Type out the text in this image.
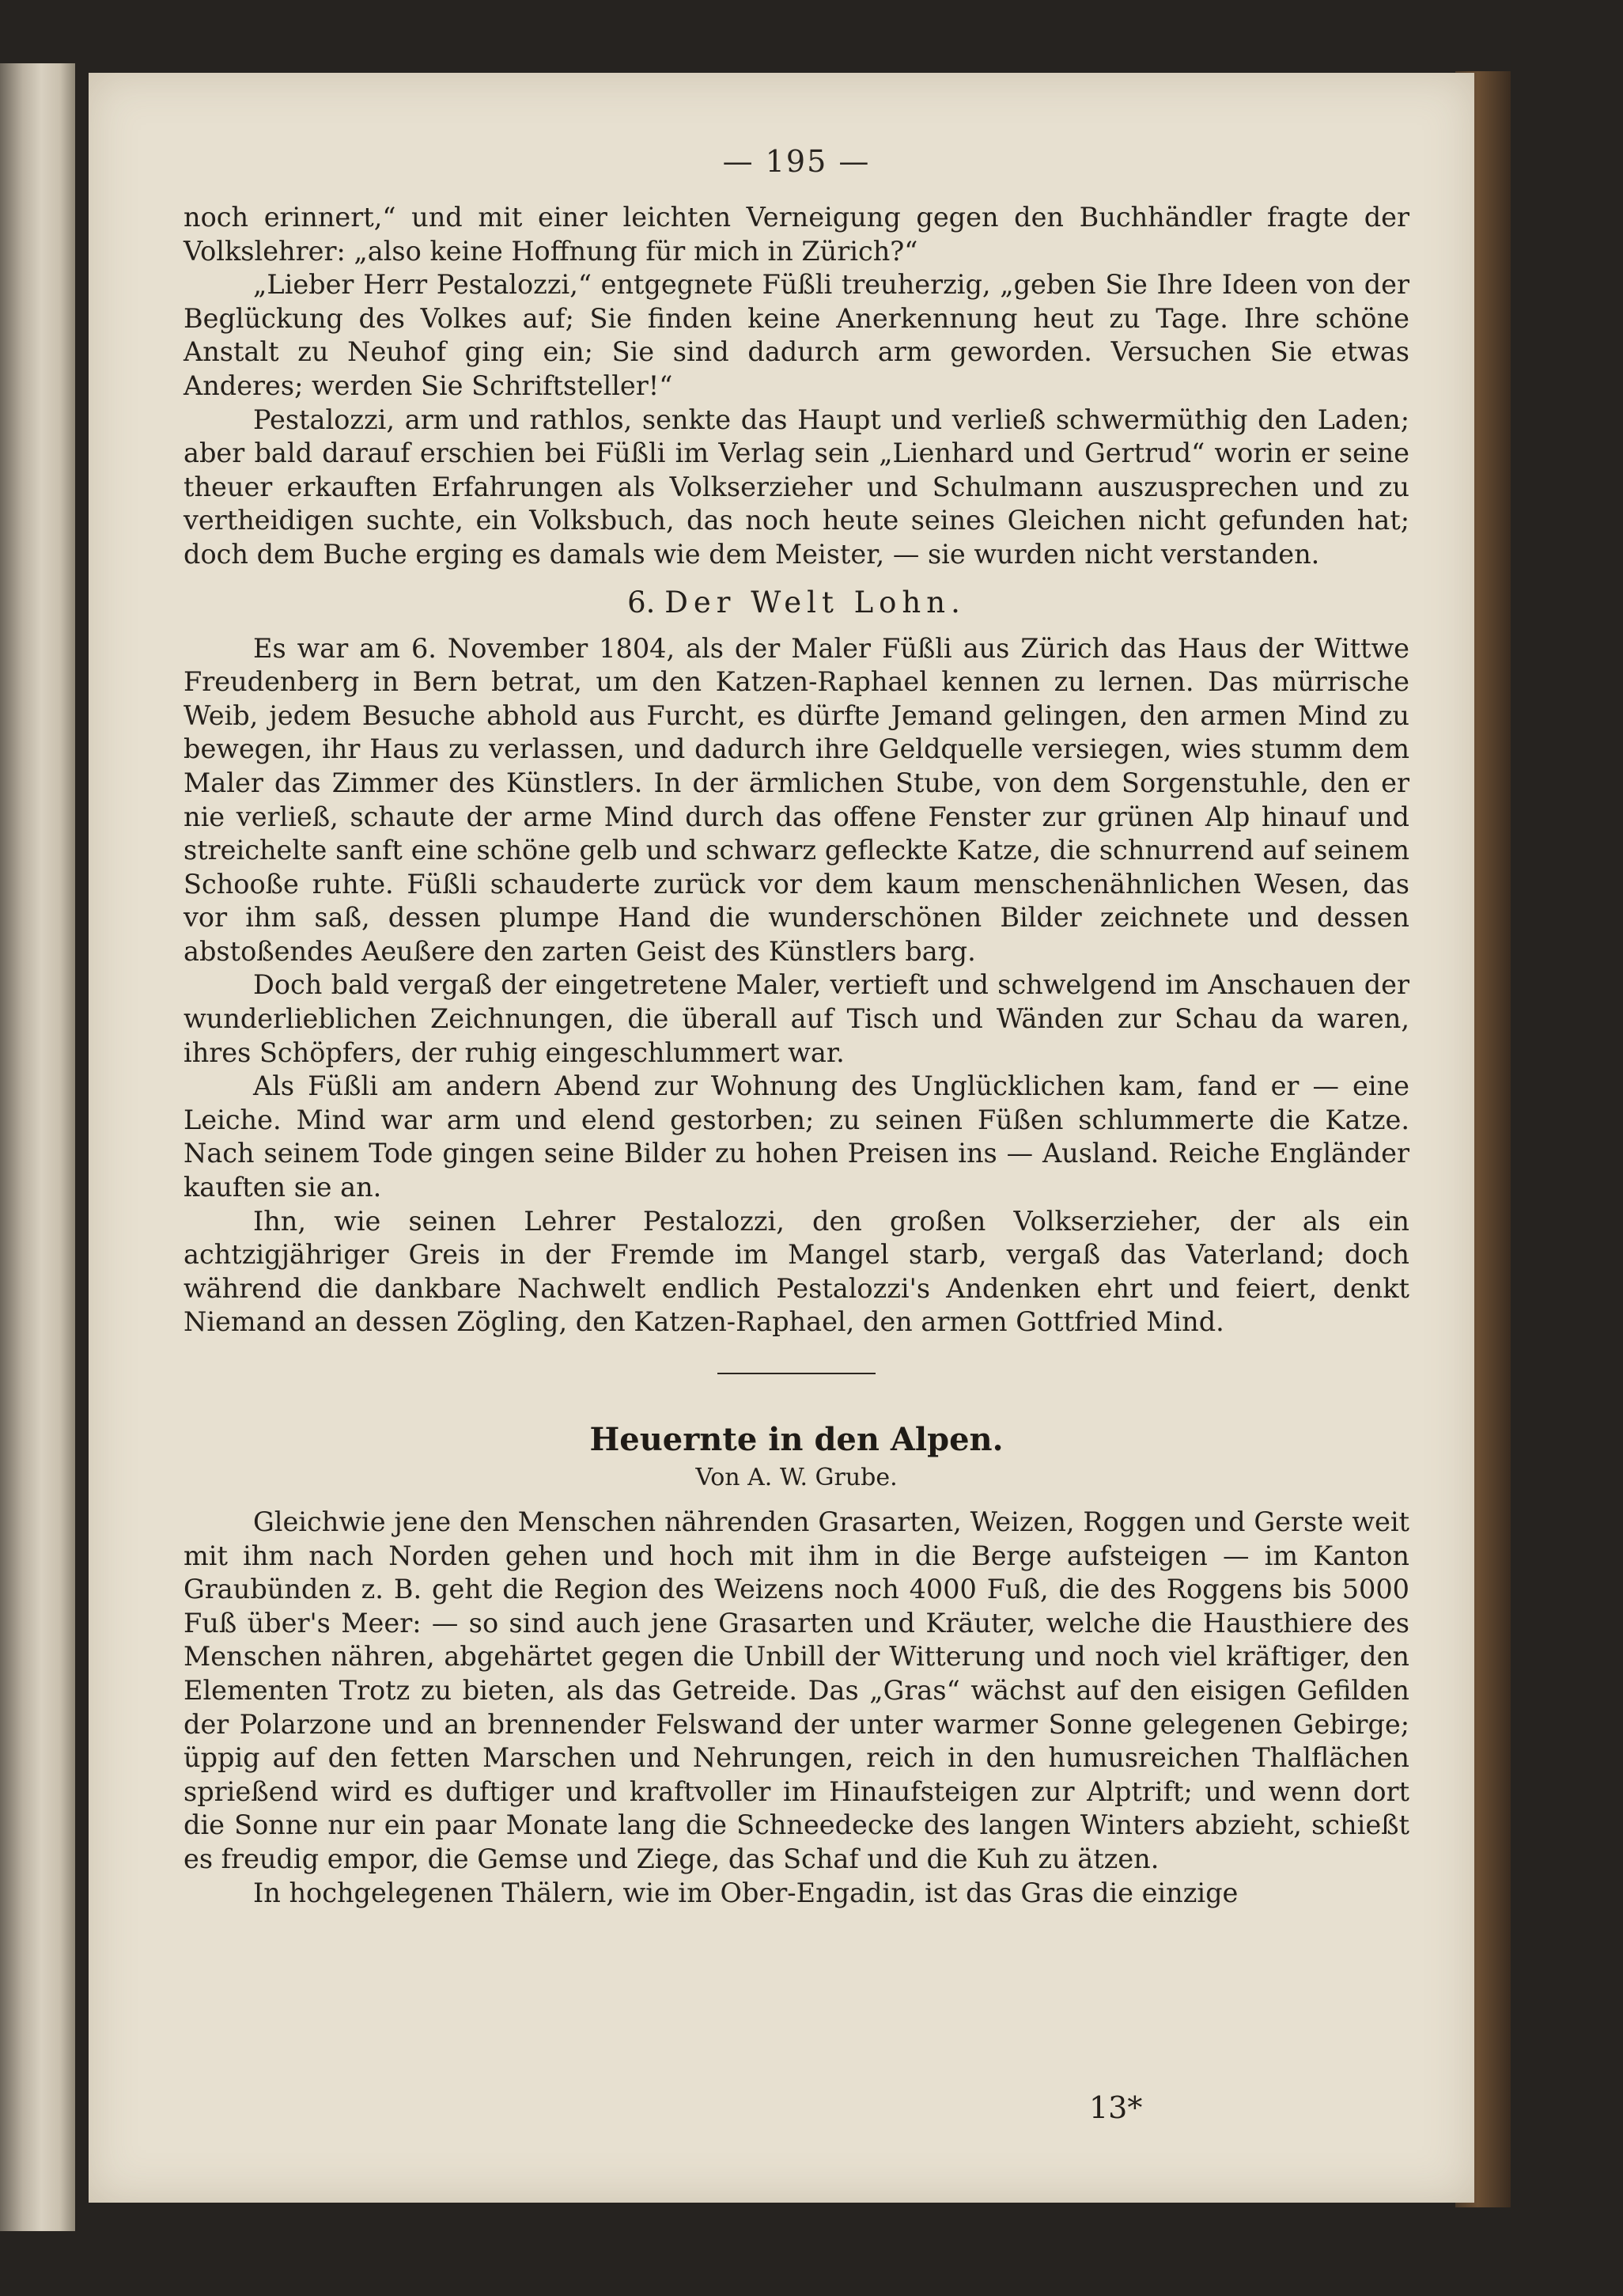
— 195 —

noch erinnert,“ und mit einer leichten Verneigung gegen den Buchhändler fragte der Volkslehrer: „also keine Hoffnung für mich in Zürich?“

„Lieber Herr Pestalozzi,“ entgegnete Füßli treuherzig, „geben Sie Ihre Ideen von der Beglückung des Volkes auf; Sie finden keine Anerkennung heut zu Tage. Ihre schöne Anstalt zu Neuhof ging ein; Sie sind dadurch arm geworden. Versuchen Sie etwas Anderes; werden Sie Schriftsteller!“

Pestalozzi, arm und rathlos, senkte das Haupt und verließ schwermüthig den Laden; aber bald darauf erschien bei Füßli im Verlag sein „Lienhard und Gertrud“ worin er seine theuer erkauften Erfahrungen als Volkserzieher und Schulmann auszusprechen und zu vertheidigen suchte, ein Volksbuch, das noch heute seines Gleichen nicht gefunden hat; doch dem Buche erging es damals wie dem Meister, — sie wurden nicht verstanden.

6. Der Welt Lohn.

Es war am 6. November 1804, als der Maler Füßli aus Zürich das Haus der Wittwe Freudenberg in Bern betrat, um den Katzen-Raphael kennen zu lernen. Das mürrische Weib, jedem Besuche abhold aus Furcht, es dürfte Jemand gelingen, den armen Mind zu bewegen, ihr Haus zu verlassen, und dadurch ihre Geldquelle versiegen, wies stumm dem Maler das Zimmer des Künstlers. In der ärmlichen Stube, von dem Sorgenstuhle, den er nie verließ, schaute der arme Mind durch das offene Fenster zur grünen Alp hinauf und streichelte sanft eine schöne gelb und schwarz gefleckte Katze, die schnurrend auf seinem Schooße ruhte. Füßli schauderte zurück vor dem kaum menschenähnlichen Wesen, das vor ihm saß, dessen plumpe Hand die wunderschönen Bilder zeichnete und dessen abstoßendes Aeußere den zarten Geist des Künstlers barg.

Doch bald vergaß der eingetretene Maler, vertieft und schwelgend im Anschauen der wunderlieblichen Zeichnungen, die überall auf Tisch und Wänden zur Schau da waren, ihres Schöpfers, der ruhig eingeschlummert war.

Als Füßli am andern Abend zur Wohnung des Unglücklichen kam, fand er — eine Leiche. Mind war arm und elend gestorben; zu seinen Füßen schlummerte die Katze. Nach seinem Tode gingen seine Bilder zu hohen Preisen ins — Ausland. Reiche Engländer kauften sie an.

Ihn, wie seinen Lehrer Pestalozzi, den großen Volkserzieher, der als ein achtzigjähriger Greis in der Fremde im Mangel starb, vergaß das Vaterland; doch während die dankbare Nachwelt endlich Pestalozzi's Andenken ehrt und feiert, denkt Niemand an dessen Zögling, den Katzen-Raphael, den armen Gottfried Mind.

Heuernte in den Alpen.
Von A. W. Grube.

Gleichwie jene den Menschen nährenden Grasarten, Weizen, Roggen und Gerste weit mit ihm nach Norden gehen und hoch mit ihm in die Berge aufsteigen — im Kanton Graubünden z. B. geht die Region des Weizens noch 4000 Fuß, die des Roggens bis 5000 Fuß über's Meer: — so sind auch jene Grasarten und Kräuter, welche die Hausthiere des Menschen nähren, abgehärtet gegen die Unbill der Witterung und noch viel kräftiger, den Elementen Trotz zu bieten, als das Getreide. Das „Gras“ wächst auf den eisigen Gefilden der Polarzone und an brennender Felswand der unter warmer Sonne gelegenen Gebirge; üppig auf den fetten Marschen und Nehrungen, reich in den humusreichen Thalflächen sprießend wird es duftiger und kraftvoller im Hinaufsteigen zur Alptrift; und wenn dort die Sonne nur ein paar Monate lang die Schneedecke des langen Winters abzieht, schießt es freudig empor, die Gemse und Ziege, das Schaf und die Kuh zu ätzen.

In hochgelegenen Thälern, wie im Ober-Engadin, ist das Gras die einzige

13*
